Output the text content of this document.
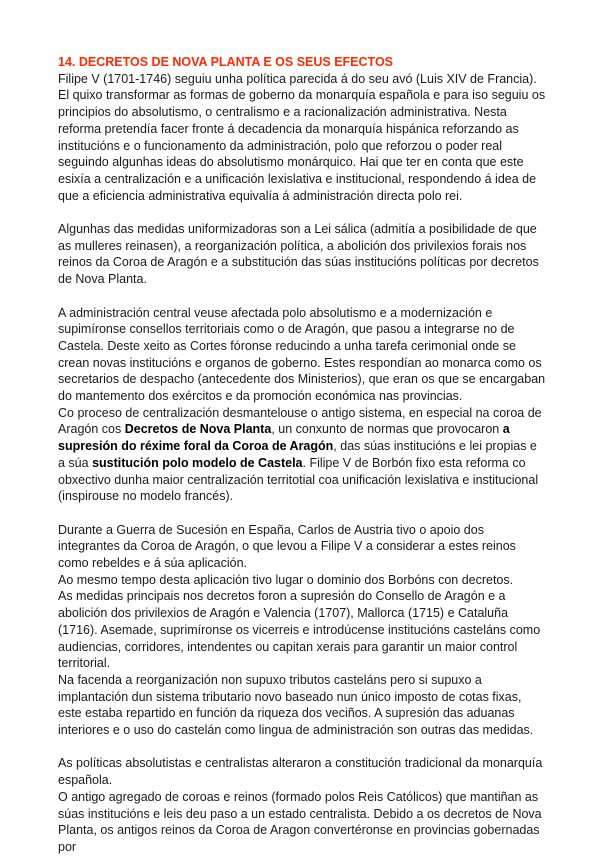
14. DECRETOS DE NOVA PLANTA E OS SEUS EFECTOS

Filipe V (1701-1746) seguiu unha política parecida á do seu avó (Luis XIV de Francia). El quixo transformar as formas de goberno da monarquía española e para iso seguiu os principios do absolutismo, o centralismo e a racionalización administrativa. Nesta reforma pretendía facer fronte á decadencia da monarquía hispánica reforzando as institucións e o funcionamento da administración, polo que reforzou o poder real seguindo algunhas ideas do absolutismo monárquico. Hai que ter en conta que este esixía a centralización e a unificación lexislativa e institucional, respondendo á idea de que a eficiencia administrativa equivalía á administración directa polo rei.

Algunhas das medidas uniformizadoras son a Lei sálica (admitía a posibilidade de que as mulleres reinasen), a reorganización política, a abolición dos privilexios forais nos reinos da Coroa de Aragón e a substitución das súas institucións políticas por decretos de Nova Planta.

A administración central veuse afectada polo absolutismo e a modernización e supimíronse consellos territoriais como o de Aragón, que pasou a integrarse no de Castela. Deste xeito as Cortes fóronse reducindo a unha tarefa cerimonial onde se crean novas institucións e organos de goberno. Estes respondían ao monarca como os secretarios de despacho (antecedente dos Ministerios), que eran os que se encargaban do mantemento dos exércitos e da promoción económica nas provincias.

Co proceso de centralización desmantelouse o antigo sistema, en especial na coroa de Aragón cos Decretos de Nova Planta, un conxunto de normas que provocaron a supresión do réxime foral da Coroa de Aragón, das súas institucións e lei propias e a súa sustitución polo modelo de Castela. Filipe V de Borbón fixo esta reforma co obxectivo dunha maior centralización territotial coa unificación lexislativa e institucional (inspirouse no modelo francés).

Durante a Guerra de Sucesión en España, Carlos de Austria tivo o apoio dos integrantes da Coroa de Aragón, o que levou a Filipe V a considerar a estes reinos como rebeldes e á súa aplicación.

Ao mesmo tempo desta aplicación tivo lugar o dominio dos Borbóns con decretos.

As medidas principais nos decretos foron a supresión do Consello de Aragón e a abolición dos privilexios de Aragón e Valencia (1707), Mallorca (1715) e Cataluña (1716). Asemade, suprimíronse os vicerreis e introdúcense institucións casteláns como audiencias, corridores, intendentes ou capitan xerais para garantir un maior control territorial.

Na facenda a reorganización non supuxo tributos casteláns pero si supuxo a implantación dun sistema tributario novo baseado nun único imposto de cotas fixas, este estaba repartido en función da riqueza dos veciños. A supresión das aduanas interiores e o uso do castelán como lingua de administración son outras das medidas.

As políticas absolutistas e centralistas alteraron a constitución tradicional da monarquía española.

O antigo agregado de coroas e reinos (formado polos Reis Católicos) que mantiñan as súas institucións e leis deu paso a un estado centralista. Debido a os decretos de Nova Planta, os antigos reinos da Coroa de Aragon convertéronse en provincias gobernadas por
